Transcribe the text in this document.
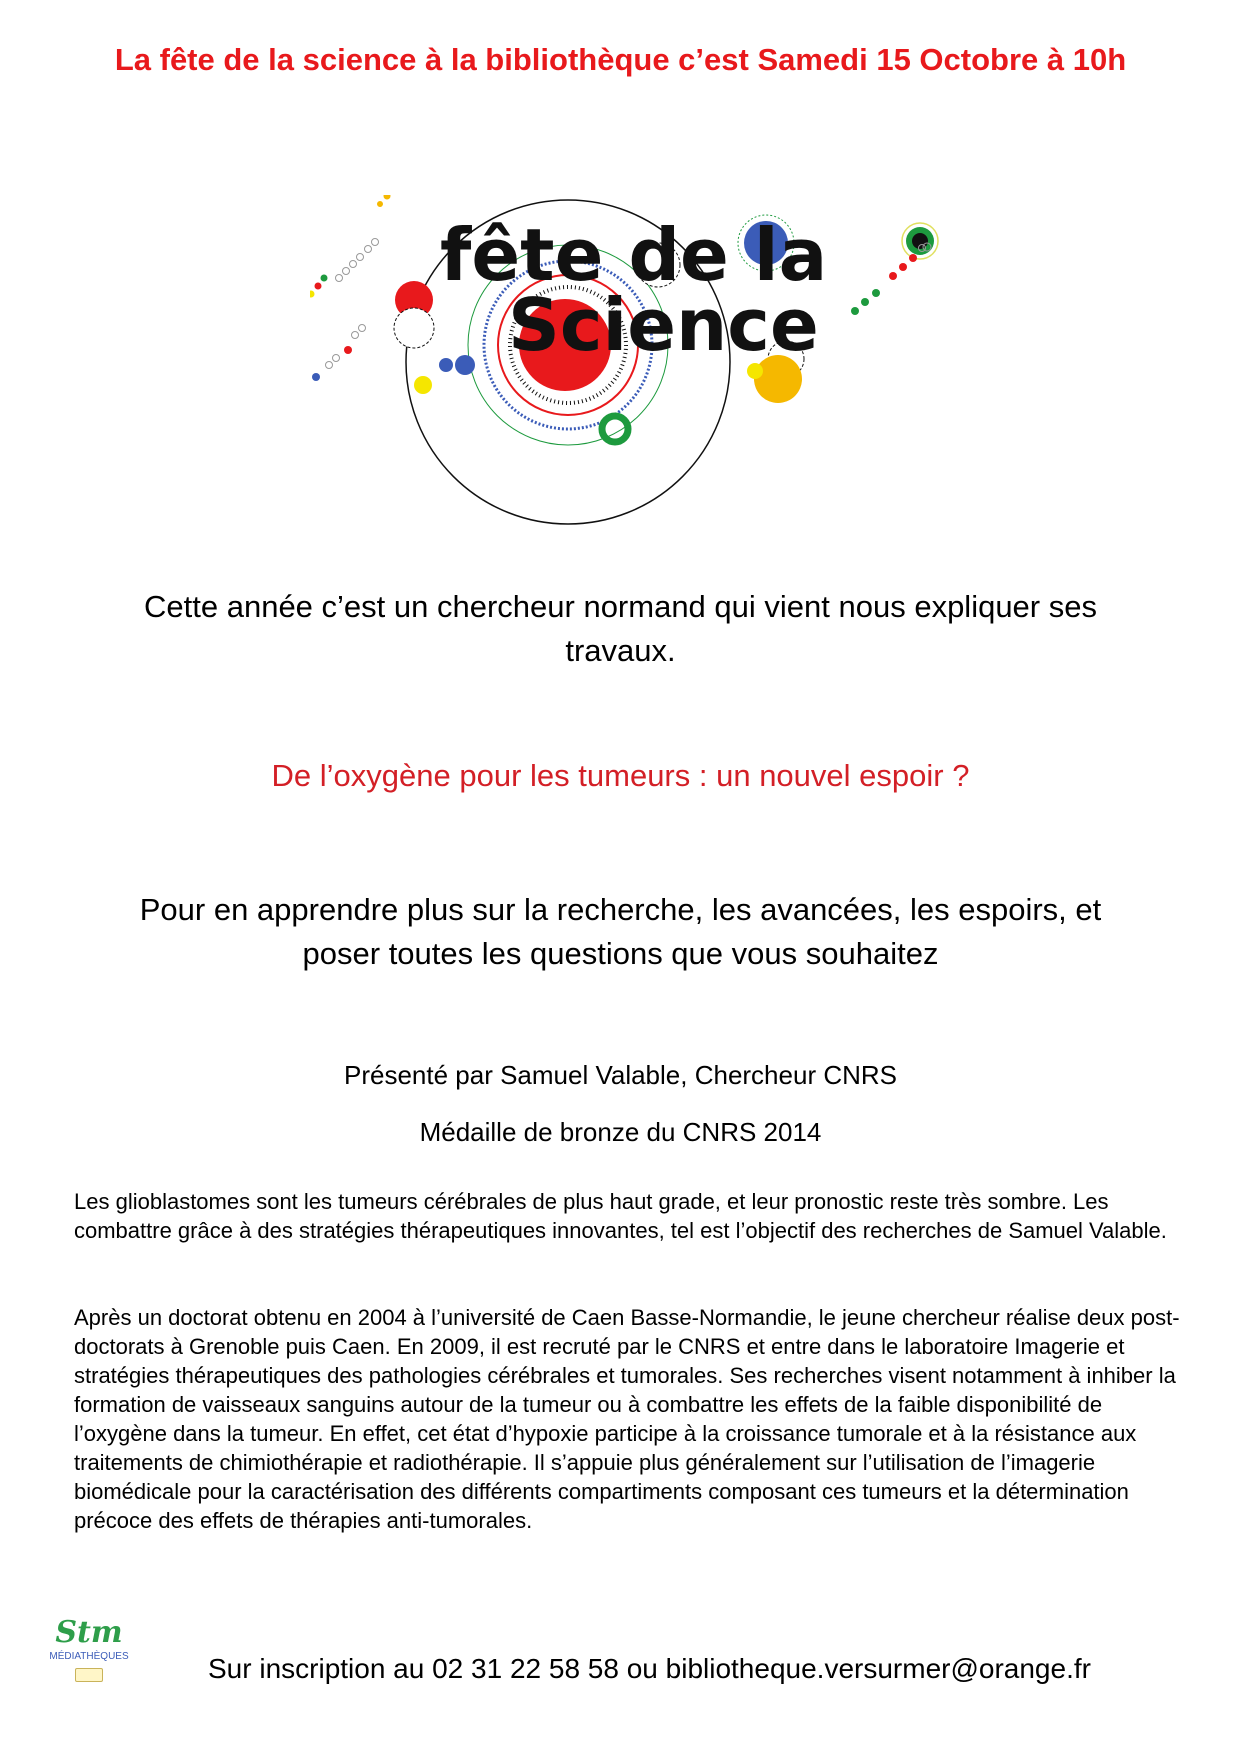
La fête de la science à la bibliothèque c’est Samedi 15 Octobre à 10h
fête de la
Science
Cette année c’est un chercheur normand qui vient nous expliquer ses
travaux.
De l’oxygène pour les tumeurs : un nouvel espoir ?
Pour en apprendre plus sur la recherche, les avancées, les espoirs, et
poser toutes les questions que vous souhaitez
Présenté par Samuel Valable, Chercheur CNRS
Médaille de bronze du CNRS 2014

Les glioblastomes sont les tumeurs cérébrales de plus haut grade, et leur pronostic reste très sombre. Les combattre grâce à des stratégies thérapeutiques innovantes, tel est l’objectif des recherches de Samuel Valable.

Après un doctorat obtenu en 2004 à l’université de Caen Basse-Normandie, le jeune chercheur réalise deux post-doctorats à Grenoble puis Caen. En 2009, il est recruté par le CNRS et entre dans le laboratoire Imagerie et stratégies thérapeutiques des pathologies cérébrales et tumorales. Ses recherches visent notamment à inhiber la formation de vaisseaux sanguins autour de la tumeur ou à combattre les effets de la faible disponibilité de l’oxygène dans la tumeur. En effet, cet état d’hypoxie participe à la croissance tumorale et à la résistance aux traitements de chimiothérapie et radiothérapie. Il s’appuie plus généralement sur l’utilisation de l’imagerie biomédicale pour la caractérisation des différents compartiments composant ces tumeurs et la détermination précoce des effets de thérapies anti-tumorales.

Stm
MÉDIATHÈQUES	Sur inscription au 02 31 22 58 58 ou bibliotheque.versurmer@orange.fr
